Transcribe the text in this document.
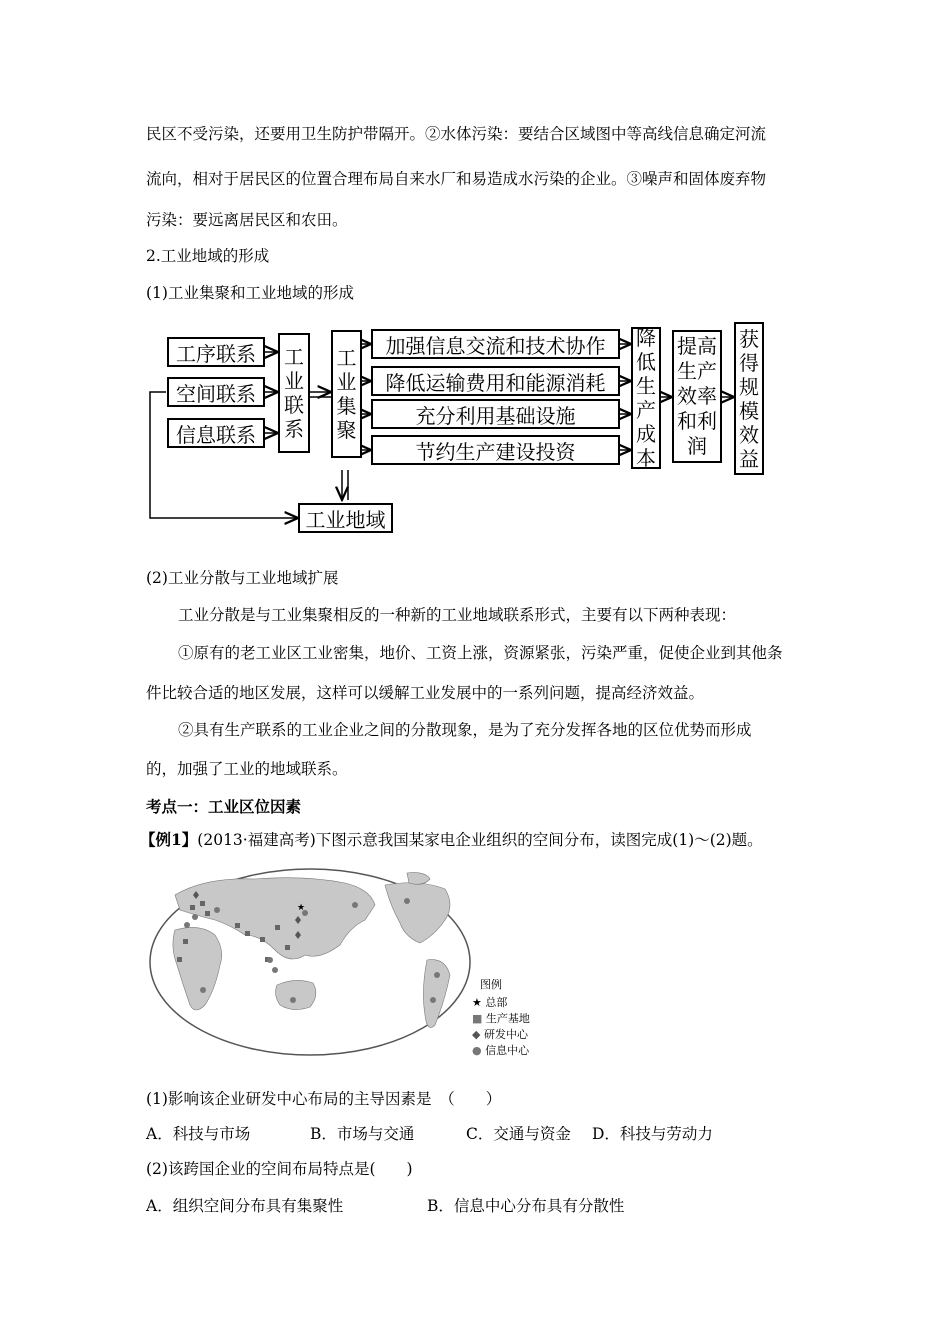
民区不受污染，还要用卫生防护带隔开。②水体污染：要结合区域图中等高线信息确定河流
流向，相对于居民区的位置合理布局自来水厂和易造成水污染的企业。③噪声和固体废弃物
污染：要远离居民区和农田。
2.工业地域的形成
(1)工业集聚和工业地域的形成
工序联系
空间联系
信息联系
工
业
联
系
工
业
集
聚
加强信息交流和技术协作
降低运输费用和能源消耗
充分利用基础设施
节约生产建设投资
降
低
生
产
成
本
提高
生产
效率
和利
润
获
得
规
模
效
益
工业地域
(2)工业分散与工业地域扩展
工业分散是与工业集聚相反的一种新的工业地域联系形式，主要有以下两种表现：
①原有的老工业区工业密集，地价、工资上涨，资源紧张，污染严重，促使企业到其他条
件比较合适的地区发展，这样可以缓解工业发展中的一系列问题，提高经济效益。
②具有生产联系的工业企业之间的分散现象，是为了充分发挥各地的区位优势而形成
的，加强了工业的地域联系。
考点一：工业区位因素
【例1】(2013·福建高考)下图示意我国某家电企业组织的空间分布，读图完成(1)～(2)题。
★
图例
★ 总部
■ 生产基地
◆ 研发中心
● 信息中心
(1)影响该企业研发中心布局的主导因素是　（　　）
A．科技与市场	B．市场与交通	C．交通与资金 D．科技与劳动力
(2)该跨国企业的空间布局特点是(　　)
A．组织空间分布具有集聚性	B．信息中心分布具有分散性
